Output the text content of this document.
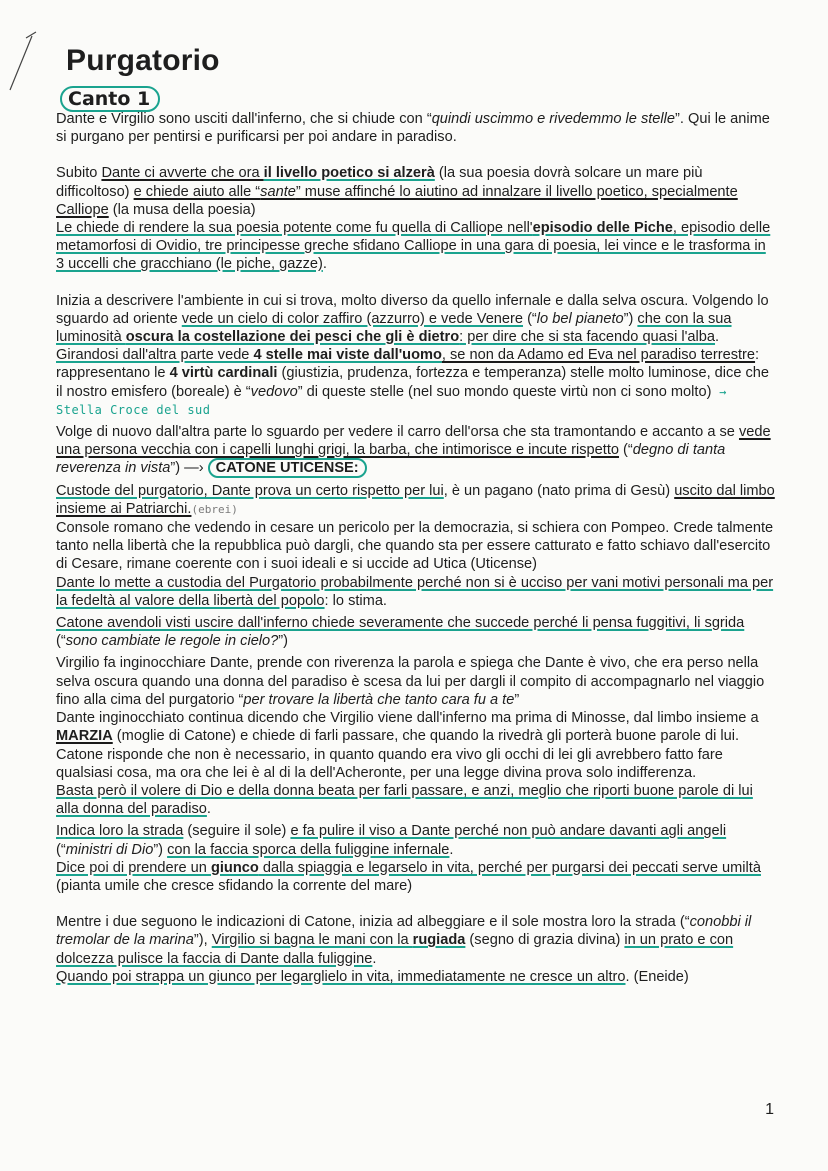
Purgatorio
Canto 1

Dante e Virgilio sono usciti dall'inferno, che si chiude con “quindi uscimmo e rivedemmo le stelle”. Qui le anime si purgano per pentirsi e purificarsi per poi andare in paradiso.

Subito Dante ci avverte che ora il livello poetico si alzerà (la sua poesia dovrà solcare un mare più difficoltoso) e chiede aiuto alle “sante” muse affinché lo aiutino ad innalzare il livello poetico, specialmente Calliope (la musa della poesia)

Le chiede di rendere la sua poesia potente come fu quella di Calliope nell'episodio delle Piche, episodio delle metamorfosi di Ovidio, tre principesse greche sfidano Calliope in una gara di poesia, lei vince e le trasforma in 3 uccelli che gracchiano (le piche, gazze).

Inizia a descrivere l'ambiente in cui si trova, molto diverso da quello infernale e dalla selva oscura. Volgendo lo sguardo ad oriente vede un cielo di color zaffiro (azzurro) e vede Venere (“lo bel pianeto”) che con la sua luminosità oscura la costellazione dei pesci che gli è dietro: per dire che si sta facendo quasi l'alba.

Girandosi dall'altra parte vede 4 stelle mai viste dall'uomo, se non da Adamo ed Eva nel paradiso terrestre: rappresentano le 4 virtù cardinali (giustizia, prudenza, fortezza e temperanza) stelle molto luminose, dice che il nostro emisfero (boreale) è “vedovo” di queste stelle (nel suo mondo queste virtù non ci sono molto) → Stella Croce del sud

Volge di nuovo dall'altra parte lo sguardo per vedere il carro dell'orsa che sta tramontando e accanto a se vede una persona vecchia con i capelli lunghi grigi, la barba, che intimorisce e incute rispetto (“degno di tanta reverenza in vista”) —› CATONE UTICENSE:

Custode del purgatorio, Dante prova un certo rispetto per lui, è un pagano (nato prima di Gesù) uscito dal limbo insieme ai Patriarchi.(ebrei)

Console romano che vedendo in cesare un pericolo per la democrazia, si schiera con Pompeo. Crede talmente tanto nella libertà che la repubblica può dargli, che quando sta per essere catturato e fatto schiavo dall'esercito di Cesare, rimane coerente con i suoi ideali e si uccide ad Utica (Uticense)

Dante lo mette a custodia del Purgatorio probabilmente perché non si è ucciso per vani motivi personali ma per la fedeltà al valore della libertà del popolo: lo stima.

Catone avendoli visti uscire dall'inferno chiede severamente che succede perché li pensa fuggitivi, li sgrida (“sono cambiate le regole in cielo?”)

Virgilio fa inginocchiare Dante, prende con riverenza la parola e spiega che Dante è vivo, che era perso nella selva oscura quando una donna del paradiso è scesa da lui per dargli il compito di accompagnarlo nel viaggio fino alla cima del purgatorio “per trovare la libertà che tanto cara fu a te”

Dante inginocchiato continua dicendo che Virgilio viene dall'inferno ma prima di Minosse, dal limbo insieme a MARZIA (moglie di Catone) e chiede di farli passare, che quando la rivedrà gli porterà buone parole di lui.

Catone risponde che non è necessario, in quanto quando era vivo gli occhi di lei gli avrebbero fatto fare qualsiasi cosa, ma ora che lei è al di la dell'Acheronte, per una legge divina prova solo indifferenza.

Basta però il volere di Dio e della donna beata per farli passare, e anzi, meglio che riporti buone parole di lui alla donna del paradiso.

Indica loro la strada (seguire il sole) e fa pulire il viso a Dante perché non può andare davanti agli angeli (“ministri di Dio”) con la faccia sporca della fuliggine infernale.

Dice poi di prendere un giunco dalla spiaggia e legarselo in vita, perché per purgarsi dei peccati serve umiltà (pianta umile che cresce sfidando la corrente del mare)

Mentre i due seguono le indicazioni di Catone, inizia ad albeggiare e il sole mostra loro la strada (“conobbi il tremolar de la marina”), Virgilio si bagna le mani con la rugiada (segno di grazia divina) in un prato e con dolcezza pulisce la faccia di Dante dalla fuliggine.

Quando poi strappa un giunco per legarglielo in vita, immediatamente ne cresce un altro. (Eneide)

1
